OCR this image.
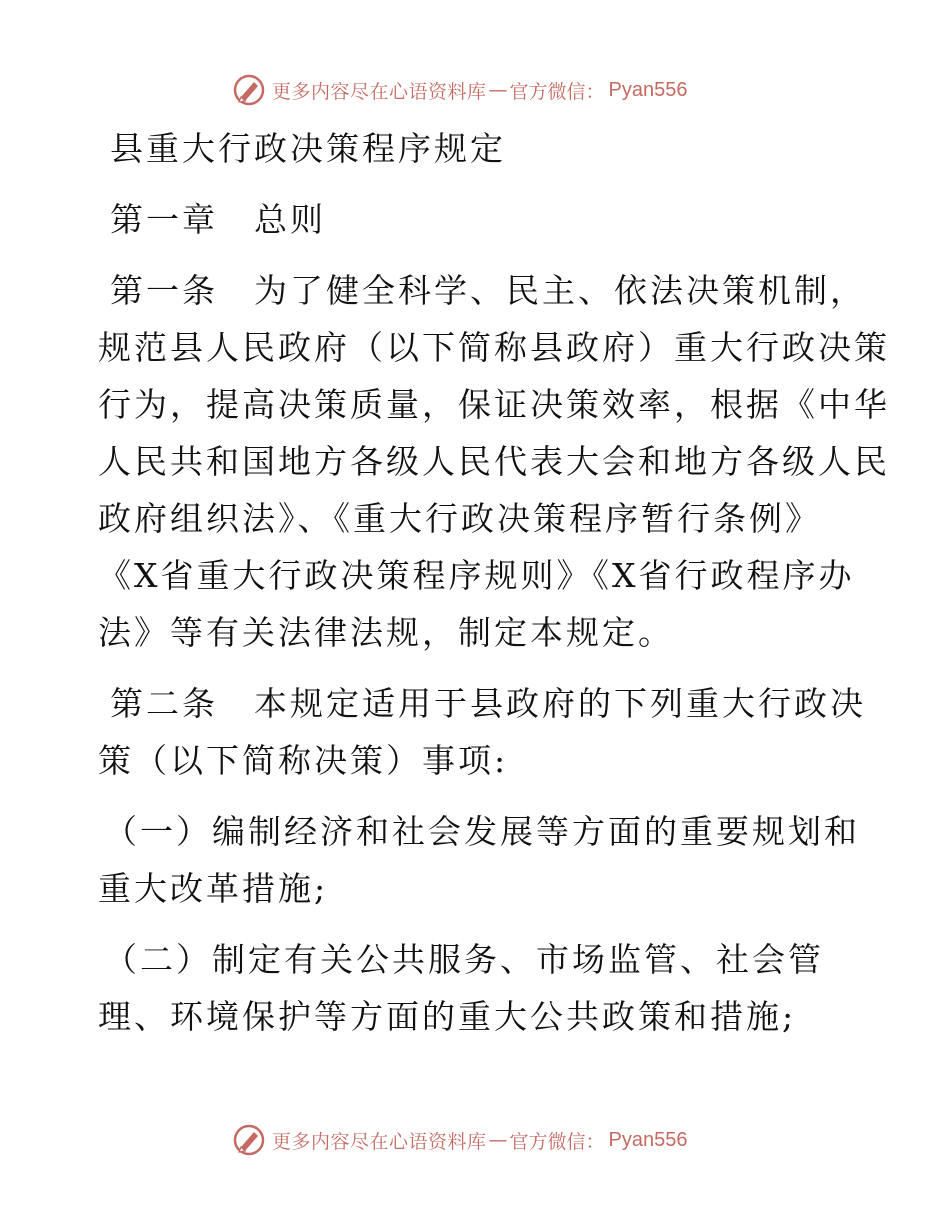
更多内容尽在心语资料库 — 官方微信： Pyan556
县重大行政决策程序规定
第一章　总则
第一条　为了健全科学、民主、依法决策机制，
规范县人民政府（以下简称县政府）重大行政决策
行为，提高决策质量，保证决策效率，根据《中华
人民共和国地方各级人民代表大会和地方各级人民
政府组织法》、《重大行政决策程序暂行条例》
《X省重大行政决策程序规则》《X省行政程序办
法》等有关法律法规，制定本规定。
第二条　本规定适用于县政府的下列重大行政决
策（以下简称决策）事项:
（一）编制经济和社会发展等方面的重要规划和
重大改革措施;
（二）制定有关公共服务、市场监管、社会管
理、环境保护等方面的重大公共政策和措施;
更多内容尽在心语资料库 — 官方微信： Pyan556
